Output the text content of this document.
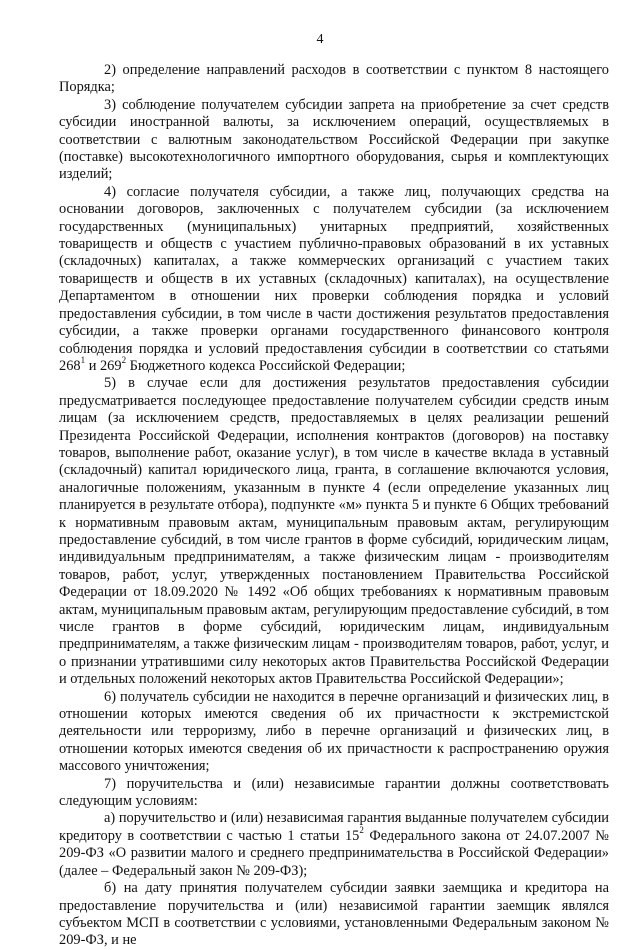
4

2) определение направлений расходов в соответствии с пунктом 8 настоящего Порядка;

3) соблюдение получателем субсидии запрета на приобретение за счет средств субсидии иностранной валюты, за исключением операций, осуществляемых в соответствии с валютным законодательством Российской Федерации при закупке (поставке) высокотехнологичного импортного оборудования, сырья и комплектующих изделий;

4) согласие получателя субсидии, а также лиц, получающих средства на основании договоров, заключенных с получателем субсидии (за исключением государственных (муниципальных) унитарных предприятий, хозяйственных товариществ и обществ с участием публично-правовых образований в их уставных (складочных) капиталах, а также коммерческих организаций с участием таких товариществ и обществ в их уставных (складочных) капиталах), на осуществление Департаментом в отношении них проверки соблюдения порядка и условий предоставления субсидии, в том числе в части достижения результатов предоставления субсидии, а также проверки органами государственного финансового контроля соблюдения порядка и условий предоставления субсидии в соответствии со статьями $268^1$ и $269^2$ Бюджетного кодекса Российской Федерации;

5) в случае если для достижения результатов предоставления субсидии предусматривается последующее предоставление получателем субсидии средств иным лицам (за исключением средств, предоставляемых в целях реализации решений Президента Российской Федерации, исполнения контрактов (договоров) на поставку товаров, выполнение работ, оказание услуг), в том числе в качестве вклада в уставный (складочный) капитал юридического лица, гранта, в соглашение включаются условия, аналогичные положениям, указанным в пункте 4 (если определение указанных лиц планируется в результате отбора), подпункте «м» пункта 5 и пункте 6 Общих требований к нормативным правовым актам, муниципальным правовым актам, регулирующим предоставление субсидий, в том числе грантов в форме субсидий, юридическим лицам, индивидуальным предпринимателям, а также физическим лицам - производителям товаров, работ, услуг, утвержденных постановлением Правительства Российской Федерации от 18.09.2020 № 1492 «Об общих требованиях к нормативным правовым актам, муниципальным правовым актам, регулирующим предоставление субсидий, в том числе грантов в форме субсидий, юридическим лицам, индивидуальным предпринимателям, а также физическим лицам - производителям товаров, работ, услуг, и о признании утратившими силу некоторых актов Правительства Российской Федерации и отдельных положений некоторых актов Правительства Российской Федерации»;

6) получатель субсидии не находится в перечне организаций и физических лиц, в отношении которых имеются сведения об их причастности к экстремистской деятельности или терроризму, либо в перечне организаций и физических лиц, в отношении которых имеются сведения об их причастности к распространению оружия массового уничтожения;

7) поручительства и (или) независимые гарантии должны соответствовать следующим условиям:

а) поручительство и (или) независимая гарантия выданные получателем субсидии кредитору в соответствии с частью 1 статьи $15^2$ Федерального закона от 24.07.2007 № 209-ФЗ «О развитии малого и среднего предпринимательства в Российской Федерации» (далее – Федеральный закон № 209-ФЗ);

б) на дату принятия получателем субсидии заявки заемщика и кредитора на предоставление поручительства и (или) независимой гарантии заемщик являлся субъектом МСП в соответствии с условиями, установленными Федеральным законом № 209-ФЗ, и не
